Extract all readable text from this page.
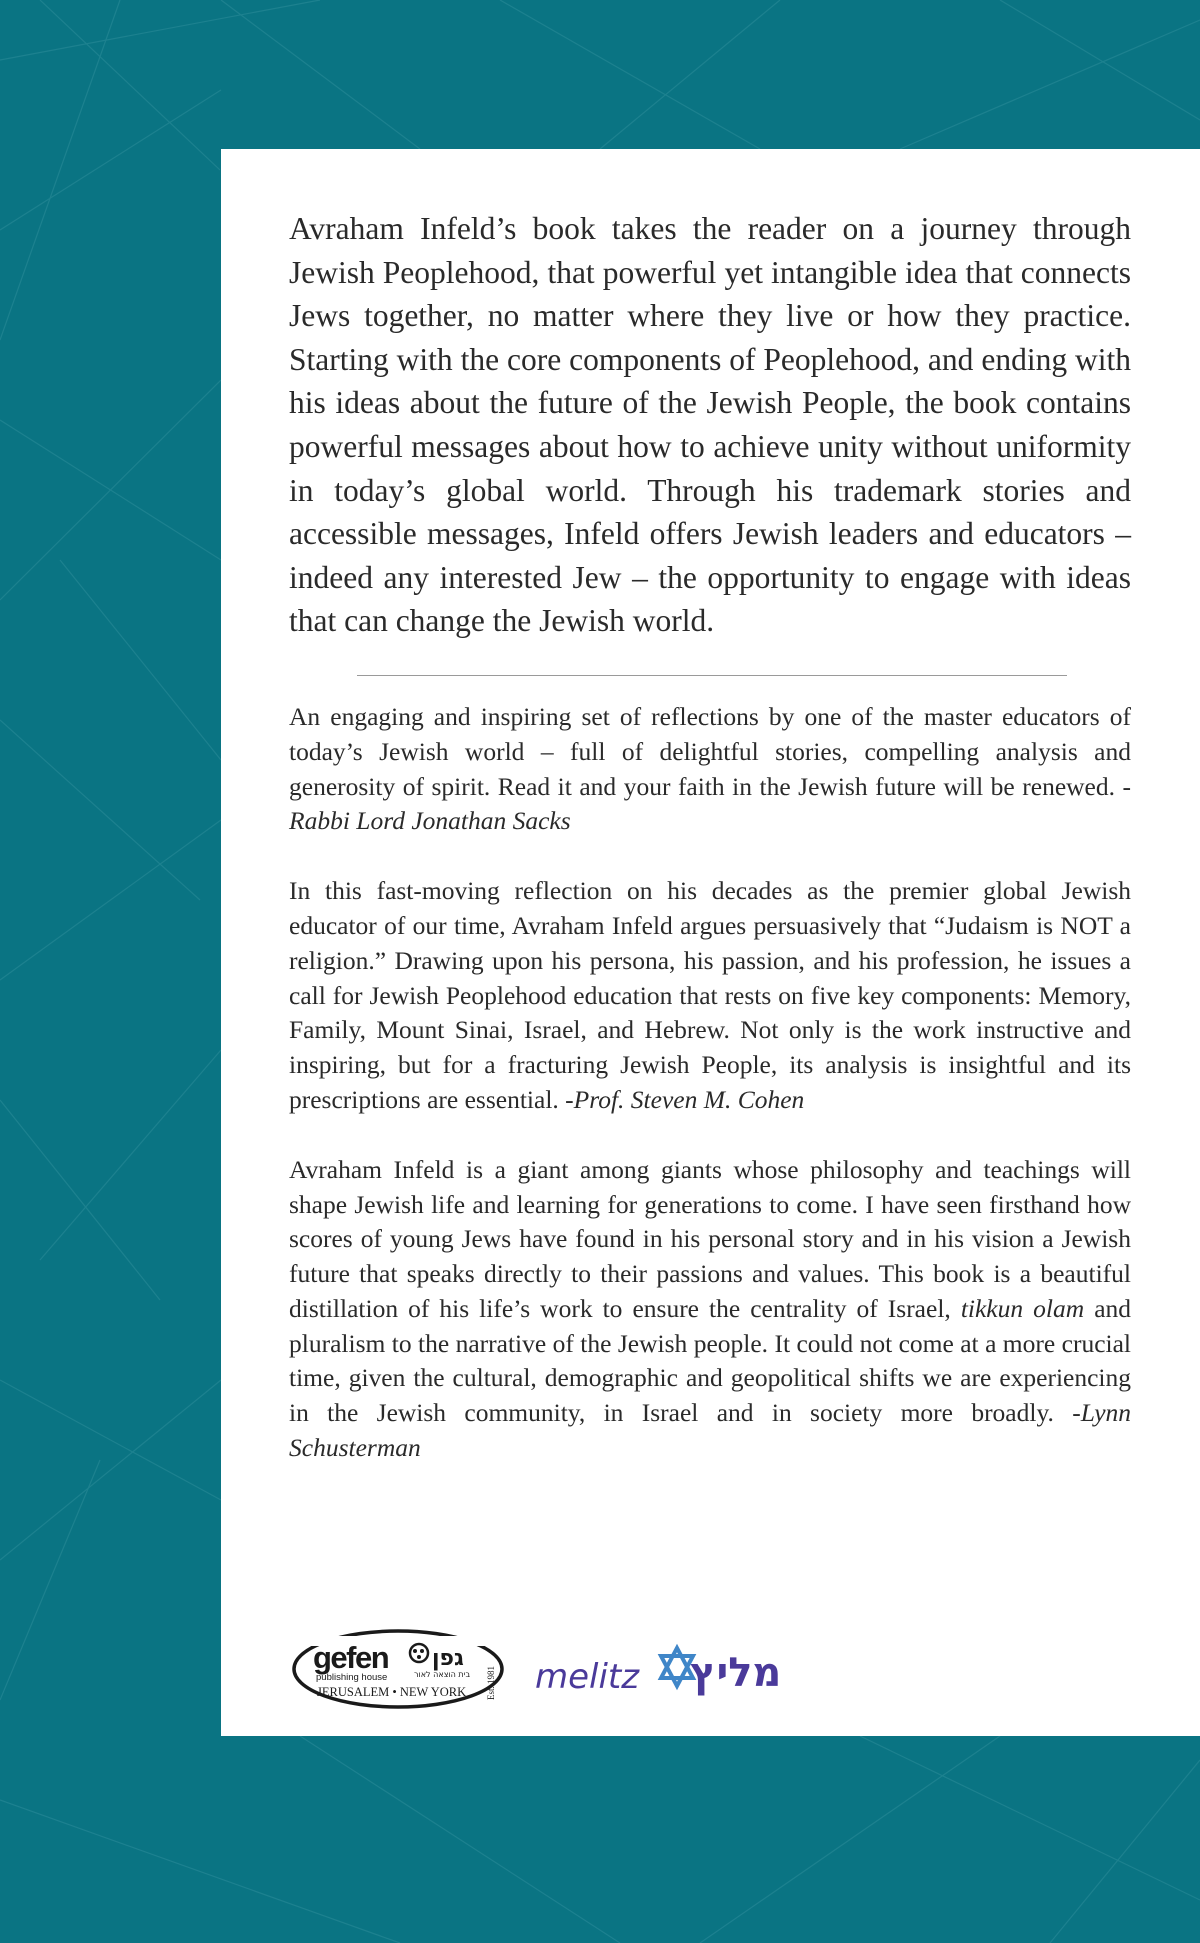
Avraham Infeld’s book takes the reader on a journey through Jewish Peoplehood, that powerful yet intangible idea that connects Jews together, no matter where they live or how they practice. Starting with the core components of Peoplehood, and ending with his ideas about the future of the Jewish People, the book contains powerful messages about how to achieve unity without uniformity in today’s global world. Through his trademark stories and accessible messages, Infeld offers Jewish leaders and educators – indeed any interested Jew – the opportunity to engage with ideas that can change the Jewish world.

An engaging and inspiring set of reflections by one of the master educators of today’s Jewish world – full of delightful stories, compelling analysis and generosity of spirit. Read it and your faith in the Jewish future will be renewed. -Rabbi Lord Jonathan Sacks

In this fast-moving reflection on his decades as the premier global Jewish educator of our time, Avraham Infeld argues persuasively that “Judaism is NOT a religion.” Drawing upon his persona, his passion, and his profession, he issues a call for Jewish Peoplehood education that rests on five key components: Memory, Family, Mount Sinai, Israel, and Hebrew. Not only is the work instructive and inspiring, but for a fracturing Jewish People, its analysis is insightful and its prescriptions are essential. -Prof. Steven M. Cohen

Avraham Infeld is a giant among giants whose philosophy and teachings will shape Jewish life and learning for generations to come. I have seen firsthand how scores of young Jews have found in his personal story and in his vision a Jewish future that speaks directly to their passions and values. This book is a beautiful distillation of his life’s work to ensure the centrality of Israel, tikkun olam and pluralism to the narrative of the Jewish people. It could not come at a more crucial time, given the cultural, demographic and geopolitical shifts we are experiencing in the Jewish community, in Israel and in society more broadly. -Lynn Schusterman

gefen גפן
בית הוצאה לאור
publishing house
JERUSALEM • NEW YORK Est. 1981 melitz מליץ
